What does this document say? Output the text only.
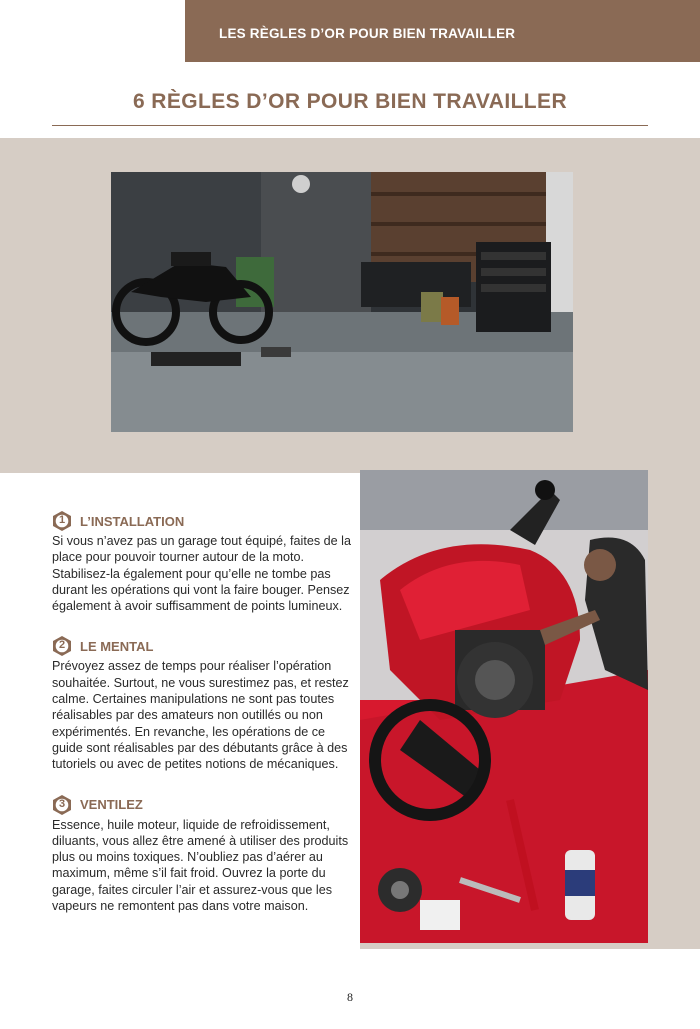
LES RÈGLES D’OR POUR BIEN TRAVAILLER
6 RÈGLES D’OR POUR BIEN TRAVAILLER
1	L’INSTALLATION

Si vous n’avez pas un garage tout équipé, faites de la place pour pouvoir tourner autour de la moto. Stabilisez-la également pour qu’elle ne tombe pas durant les opérations qui vont la faire bouger. Pensez également à avoir suffisamment de points lumineux.

2	LE MENTAL

Prévoyez assez de temps pour réaliser l’opération souhaitée. Surtout, ne vous surestimez pas, et restez calme. Certaines manipulations ne sont pas toutes réalisables par des amateurs non outillés ou non expérimentés. En revanche, les opérations de ce guide sont réalisables par des débutants grâce à des tutoriels ou avec de petites notions de mécaniques.

3	VENTILEZ

Essence, huile moteur, liquide de refroidissement, diluants, vous allez être amené à utiliser des produits plus ou moins toxiques. N’oubliez pas d’aérer au maximum, même s’il fait froid. Ouvrez la porte du garage, faites circuler l’air et assurez-vous que les vapeurs ne remontent pas dans votre maison.

8
